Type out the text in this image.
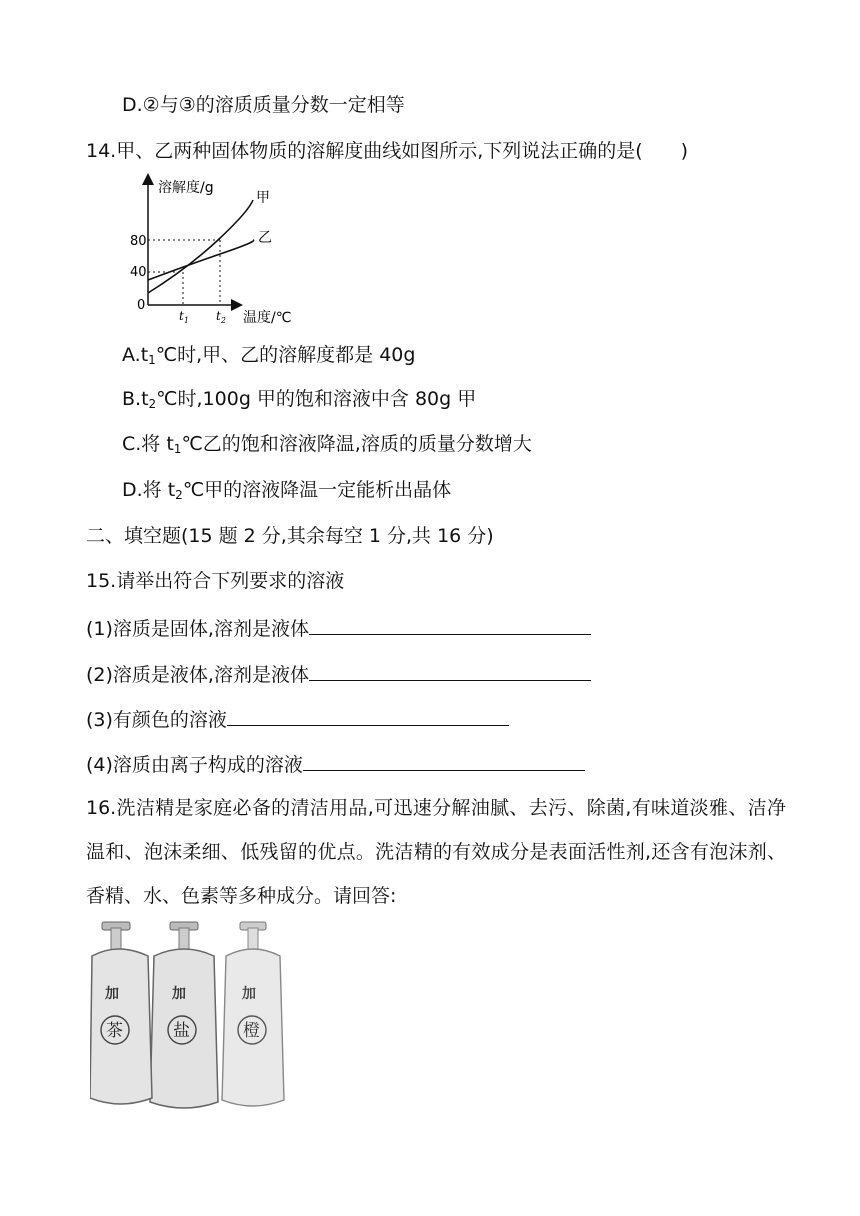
D.②与③的溶质质量分数一定相等
14.甲、乙两种固体物质的溶解度曲线如图所示,下列说法正确的是(　　)
溶解度/g
甲
乙
80
40
0
$t_1$ $t_2$ 温度/℃
$A.t_1℃$时,甲、乙的溶解度都是 40g
$B.t_2℃$时,100g 甲的饱和溶液中含 80g 甲
C.将 $t_1℃$乙的饱和溶液降温,溶质的质量分数增大
D.将 $t_2℃$甲的溶液降温一定能析出晶体
二、填空题(15 题 2 分,其余每空 1 分,共 16 分)
15.请举出符合下列要求的溶液
(1)溶质是固体,溶剂是液体
(2)溶质是液体,溶剂是液体
(3)有颜色的溶液
(4)溶质由离子构成的溶液
16.洗洁精是家庭必备的清洁用品,可迅速分解油腻、去污、除菌,有味道淡雅、洁净温和、泡沫柔细、低残留的优点。洗洁精的有效成分是表面活性剂,还含有泡沫剂、香精、水、色素等多种成分。请回答:
加
橙
加
盐
加
茶
